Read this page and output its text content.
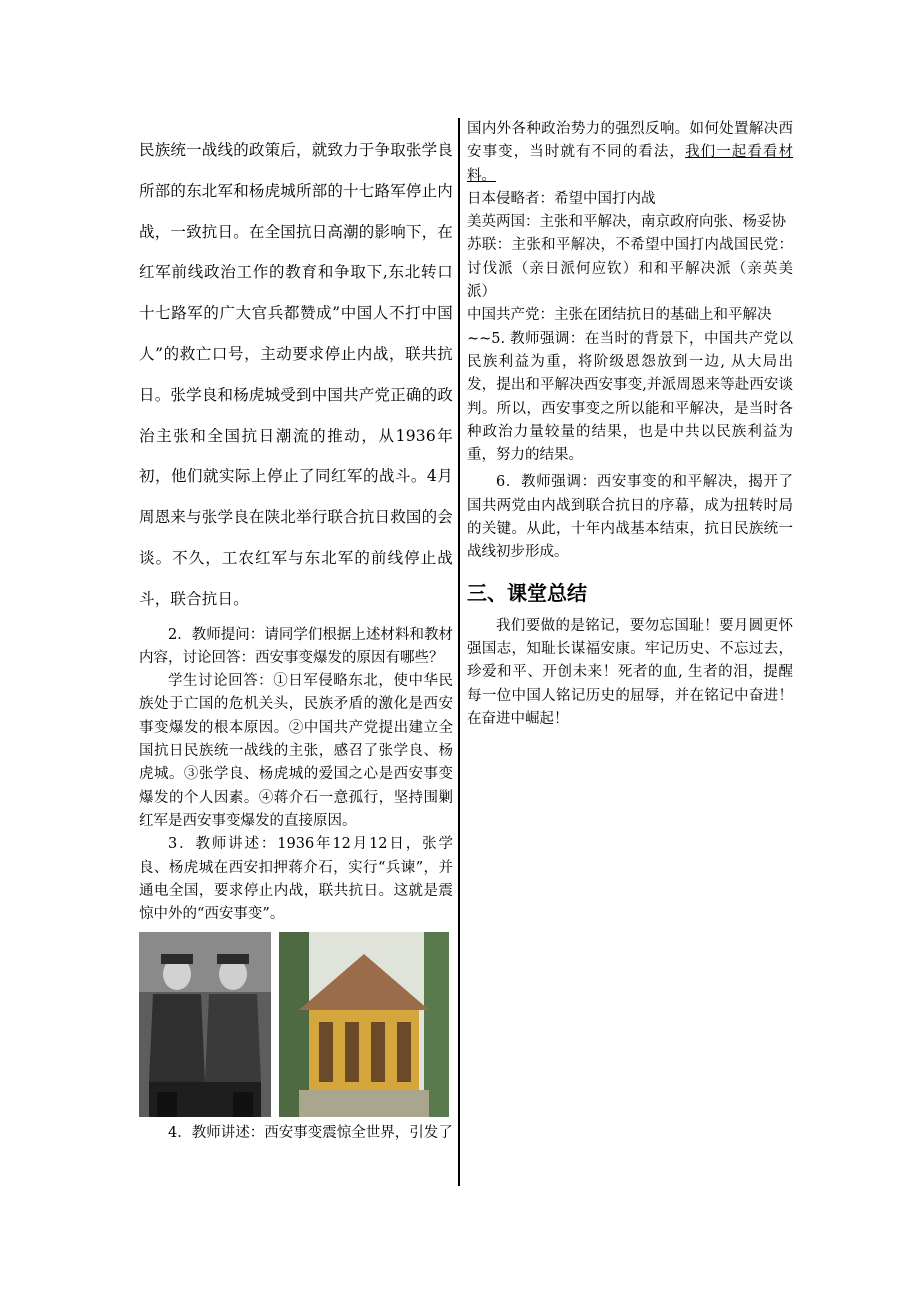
民族统一战线的政策后，就致力于争取张学良所部的东北军和杨虎城所部的十七路军停止内战，一致抗日。在全国抗日高潮的影响下，在红军前线政治工作的教育和争取下,东北转口十七路军的广大官兵都赞成”中国人不打中国人”的救亡口号，主动要求停止内战，联共抗日。张学良和杨虎城受到中国共产党正确的政治主张和全国抗日潮流的推动，从1936年初，他们就实际上停止了同红军的战斗。4月周恩来与张学良在陕北举行联合抗日救国的会谈。不久，工农红军与东北军的前线停止战斗，联合抗日。

2．教师提问：请同学们根据上述材料和教材内容，讨论回答：西安事变爆发的原因有哪些？

学生讨论回答：①日军侵略东北，使中华民族处于亡国的危机关头，民族矛盾的激化是西安事变爆发的根本原因。②中国共产党提出建立全国抗日民族统一战线的主张，感召了张学良、杨虎城。③张学良、杨虎城的爱国之心是西安事变爆发的个人因素。④蒋介石一意孤行，坚持围剿红军是西安事变爆发的直接原因。

3．教师讲述：1936年12月12日，张学良、杨虎城在西安扣押蒋介石，实行“兵谏”，并通电全国，要求停止内战，联共抗日。这就是震惊中外的“西安事变”。

4．教师讲述：西安事变震惊全世界，引发了

国内外各种政治势力的强烈反响。如何处置解决西安事变，当时就有不同的看法，我们一起看看材料。

日本侵略者：希望中国打内战

美英两国：主张和平解决，南京政府向张、杨妥协

苏联：主张和平解决，不希望中国打内战国民党：讨伐派（亲日派何应钦）和和平解决派（亲英美派）

中国共产党：主张在团结抗日的基础上和平解决

~~5. 教师强调：在当时的背景下，中国共产党以民族利益为重，将阶级恩怨放到一边, 从大局出发，提出和平解决西安事变,并派周恩来等赴西安谈判。所以，西安事变之所以能和平解决，是当时各种政治力量较量的结果，也是中共以民族利益为重，努力的结果。

6．教师强调：西安事变的和平解决，揭开了国共两党由内战到联合抗日的序幕，成为扭转时局的关键。从此，十年内战基本结束，抗日民族统一战线初步形成。

三、课堂总结

我们要做的是铭记，要勿忘国耻！要月圆更怀强国志，知耻长谋福安康。牢记历史、不忘过去，珍爱和平、开创未来！死者的血, 生者的泪，提醒每一位中国人铭记历史的屈辱，并在铭记中奋进！在奋进中崛起！
